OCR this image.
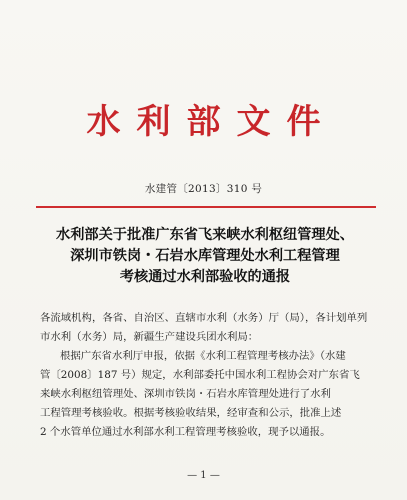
水利部文件
水建管〔2013〕310 号
水利部关于批准广东省飞来峡水利枢纽管理处、
深圳市铁岗・石岩水库管理处水利工程管理
考核通过水利部验收的通报
各流域机构，各省、自治区、直辖市水利（水务）厅（局），各计划单列
市水利（水务）局，新疆生产建设兵团水利局：
根据广东省水利厅申报，依据《水利工程管理考核办法》（水建
管〔2008〕187 号）规定，水利部委托中国水利工程协会对广东省飞
来峡水利枢纽管理处、深圳市铁岗・石岩水库管理处进行了水利
工程管理考核验收。根据考核验收结果，经审查和公示，批准上述
2 个水管单位通过水利部水利工程管理考核验收，现予以通报。
— 1 —
